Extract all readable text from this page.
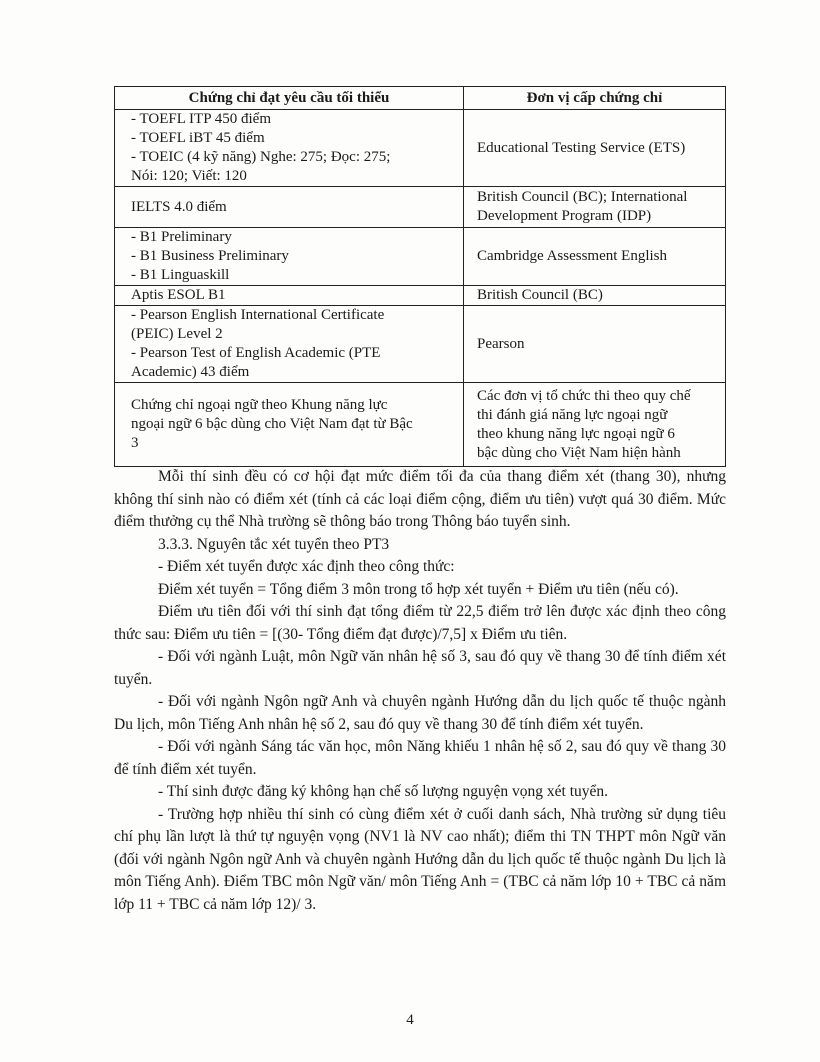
Chứng chỉ đạt yêu cầu tối thiểu	Đơn vị cấp chứng chỉ

- TOEFL ITP 450 điểm
- TOEFL iBT 45 điểm
- TOEIC (4 kỹ năng) Nghe: 275; Đọc: 275;
Nói: 120; Viết: 120	Educational Testing Service (ETS)

IELTS 4.0 điểm	British Council (BC); International
Development Program (IDP)

- B1 Preliminary
- B1 Business Preliminary
- B1 Linguaskill	Cambridge Assessment English

Aptis ESOL B1	British Council (BC)

- Pearson English International Certificate
(PEIC) Level 2
- Pearson Test of English Academic (PTE
Academic) 43 điểm	Pearson

Chứng chỉ ngoại ngữ theo Khung năng lực
ngoại ngữ 6 bậc dùng cho Việt Nam đạt từ Bậc
3	Các đơn vị tổ chức thi theo quy chế
thi đánh giá năng lực ngoại ngữ
theo khung năng lực ngoại ngữ 6
bậc dùng cho Việt Nam hiện hành

Mỗi thí sinh đều có cơ hội đạt mức điểm tối đa của thang điểm xét (thang 30), nhưng không thí sinh nào có điểm xét (tính cả các loại điểm cộng, điểm ưu tiên) vượt quá 30 điểm. Mức điểm thưởng cụ thể Nhà trường sẽ thông báo trong Thông báo tuyển sinh.

3.3.3. Nguyên tắc xét tuyển theo PT3

- Điểm xét tuyển được xác định theo công thức:

Điểm xét tuyển = Tổng điểm 3 môn trong tổ hợp xét tuyển + Điểm ưu tiên (nếu có).

Điểm ưu tiên đối với thí sinh đạt tổng điểm từ 22,5 điểm trở lên được xác định theo công thức sau: Điểm ưu tiên = [(30- Tổng điểm đạt được)/7,5] x Điểm ưu tiên.

- Đối với ngành Luật, môn Ngữ văn nhân hệ số 3, sau đó quy về thang 30 để tính điểm xét tuyển.

- Đối với ngành Ngôn ngữ Anh và chuyên ngành Hướng dẫn du lịch quốc tế thuộc ngành Du lịch, môn Tiếng Anh nhân hệ số 2, sau đó quy về thang 30 để tính điểm xét tuyển.

- Đối với ngành Sáng tác văn học, môn Năng khiếu 1 nhân hệ số 2, sau đó quy về thang 30 để tính điểm xét tuyển.

- Thí sinh được đăng ký không hạn chế số lượng nguyện vọng xét tuyển.

- Trường hợp nhiều thí sinh có cùng điểm xét ở cuối danh sách, Nhà trường sử dụng tiêu chí phụ lần lượt là thứ tự nguyện vọng (NV1 là NV cao nhất); điểm thi TN THPT môn Ngữ văn (đối với ngành Ngôn ngữ Anh và chuyên ngành Hướng dẫn du lịch quốc tế thuộc ngành Du lịch là môn Tiếng Anh). Điểm TBC môn Ngữ văn/ môn Tiếng Anh = (TBC cả năm lớp 10 + TBC cả năm lớp 11 + TBC cả năm lớp 12)/ 3.

4
